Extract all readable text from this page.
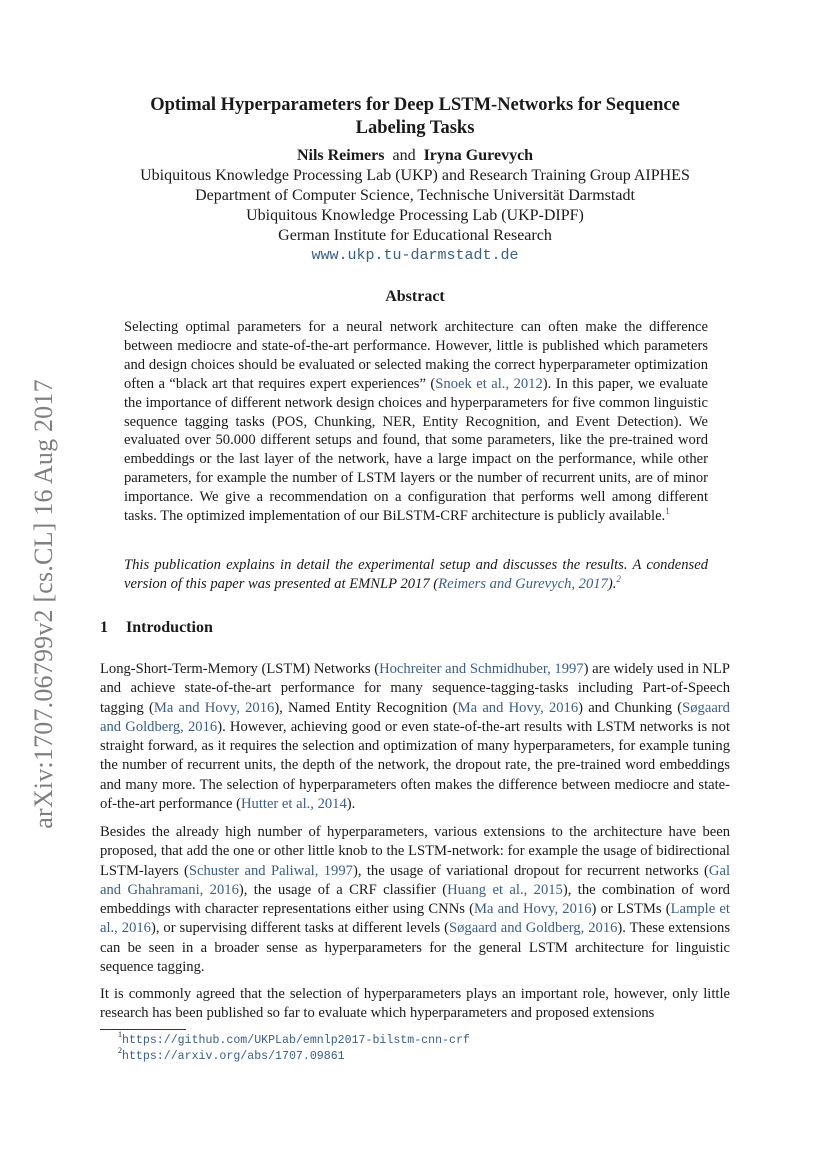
arXiv:1707.06799v2 [cs.CL] 16 Aug 2017
Optimal Hyperparameters for Deep LSTM-Networks for Sequence
Labeling Tasks
Nils Reimers and Iryna Gurevych
Ubiquitous Knowledge Processing Lab (UKP) and Research Training Group AIPHES
Department of Computer Science, Technische Universität Darmstadt
Ubiquitous Knowledge Processing Lab (UKP-DIPF)
German Institute for Educational Research
www.ukp.tu-darmstadt.de
Abstract

Selecting optimal parameters for a neural network architecture can often make the difference between mediocre and state-of-the-art performance. However, little is published which parameters and design choices should be evaluated or selected making the correct hyperparameter optimization often a “black art that requires expert experiences” (Snoek et al., 2012). In this paper, we evaluate the importance of different network design choices and hyperparameters for five common linguistic sequence tagging tasks (POS, Chunking, NER, Entity Recognition, and Event Detection). We evaluated over 50.000 different setups and found, that some parameters, like the pre-trained word embeddings or the last layer of the network, have a large impact on the performance, while other parameters, for example the number of LSTM layers or the number of recurrent units, are of minor importance. We give a recommendation on a configuration that performs well among different tasks. The optimized implementation of our BiLSTM-CRF architecture is publicly available.$^1$

This publication explains in detail the experimental setup and discusses the results. A condensed version of this paper was presented at EMNLP 2017 (Reimers and Gurevych, 2017).$^2$
1 Introduction

Long-Short-Term-Memory (LSTM) Networks (Hochreiter and Schmidhuber, 1997) are widely used in NLP and achieve state-of-the-art performance for many sequence-tagging-tasks including Part-of-Speech tagging (Ma and Hovy, 2016), Named Entity Recognition (Ma and Hovy, 2016) and Chunking (Søgaard and Goldberg, 2016). However, achieving good or even state-of-the-art results with LSTM networks is not straight forward, as it requires the selection and optimization of many hyperparameters, for example tuning the number of recurrent units, the depth of the network, the dropout rate, the pre-trained word embeddings and many more. The selection of hyperparameters often makes the difference between mediocre and state-of-the-art performance (Hutter et al., 2014).

Besides the already high number of hyperparameters, various extensions to the architecture have been proposed, that add the one or other little knob to the LSTM-network: for example the usage of bidirectional LSTM-layers (Schuster and Paliwal, 1997), the usage of variational dropout for recurrent networks (Gal and Ghahramani, 2016), the usage of a CRF classifier (Huang et al., 2015), the combination of word embeddings with character representations either using CNNs (Ma and Hovy, 2016) or LSTMs (Lample et al., 2016), or supervising different tasks at different levels (Søgaard and Goldberg, 2016). These extensions can be seen in a broader sense as hyperparameters for the general LSTM architecture for linguistic sequence tagging.

It is commonly agreed that the selection of hyperparameters plays an important role, however, only little research has been published so far to evaluate which hyperparameters and proposed extensions

$^1$https://github.com/UKPLab/emnlp2017-bilstm-cnn-crf
$^2$https://arxiv.org/abs/1707.09861
